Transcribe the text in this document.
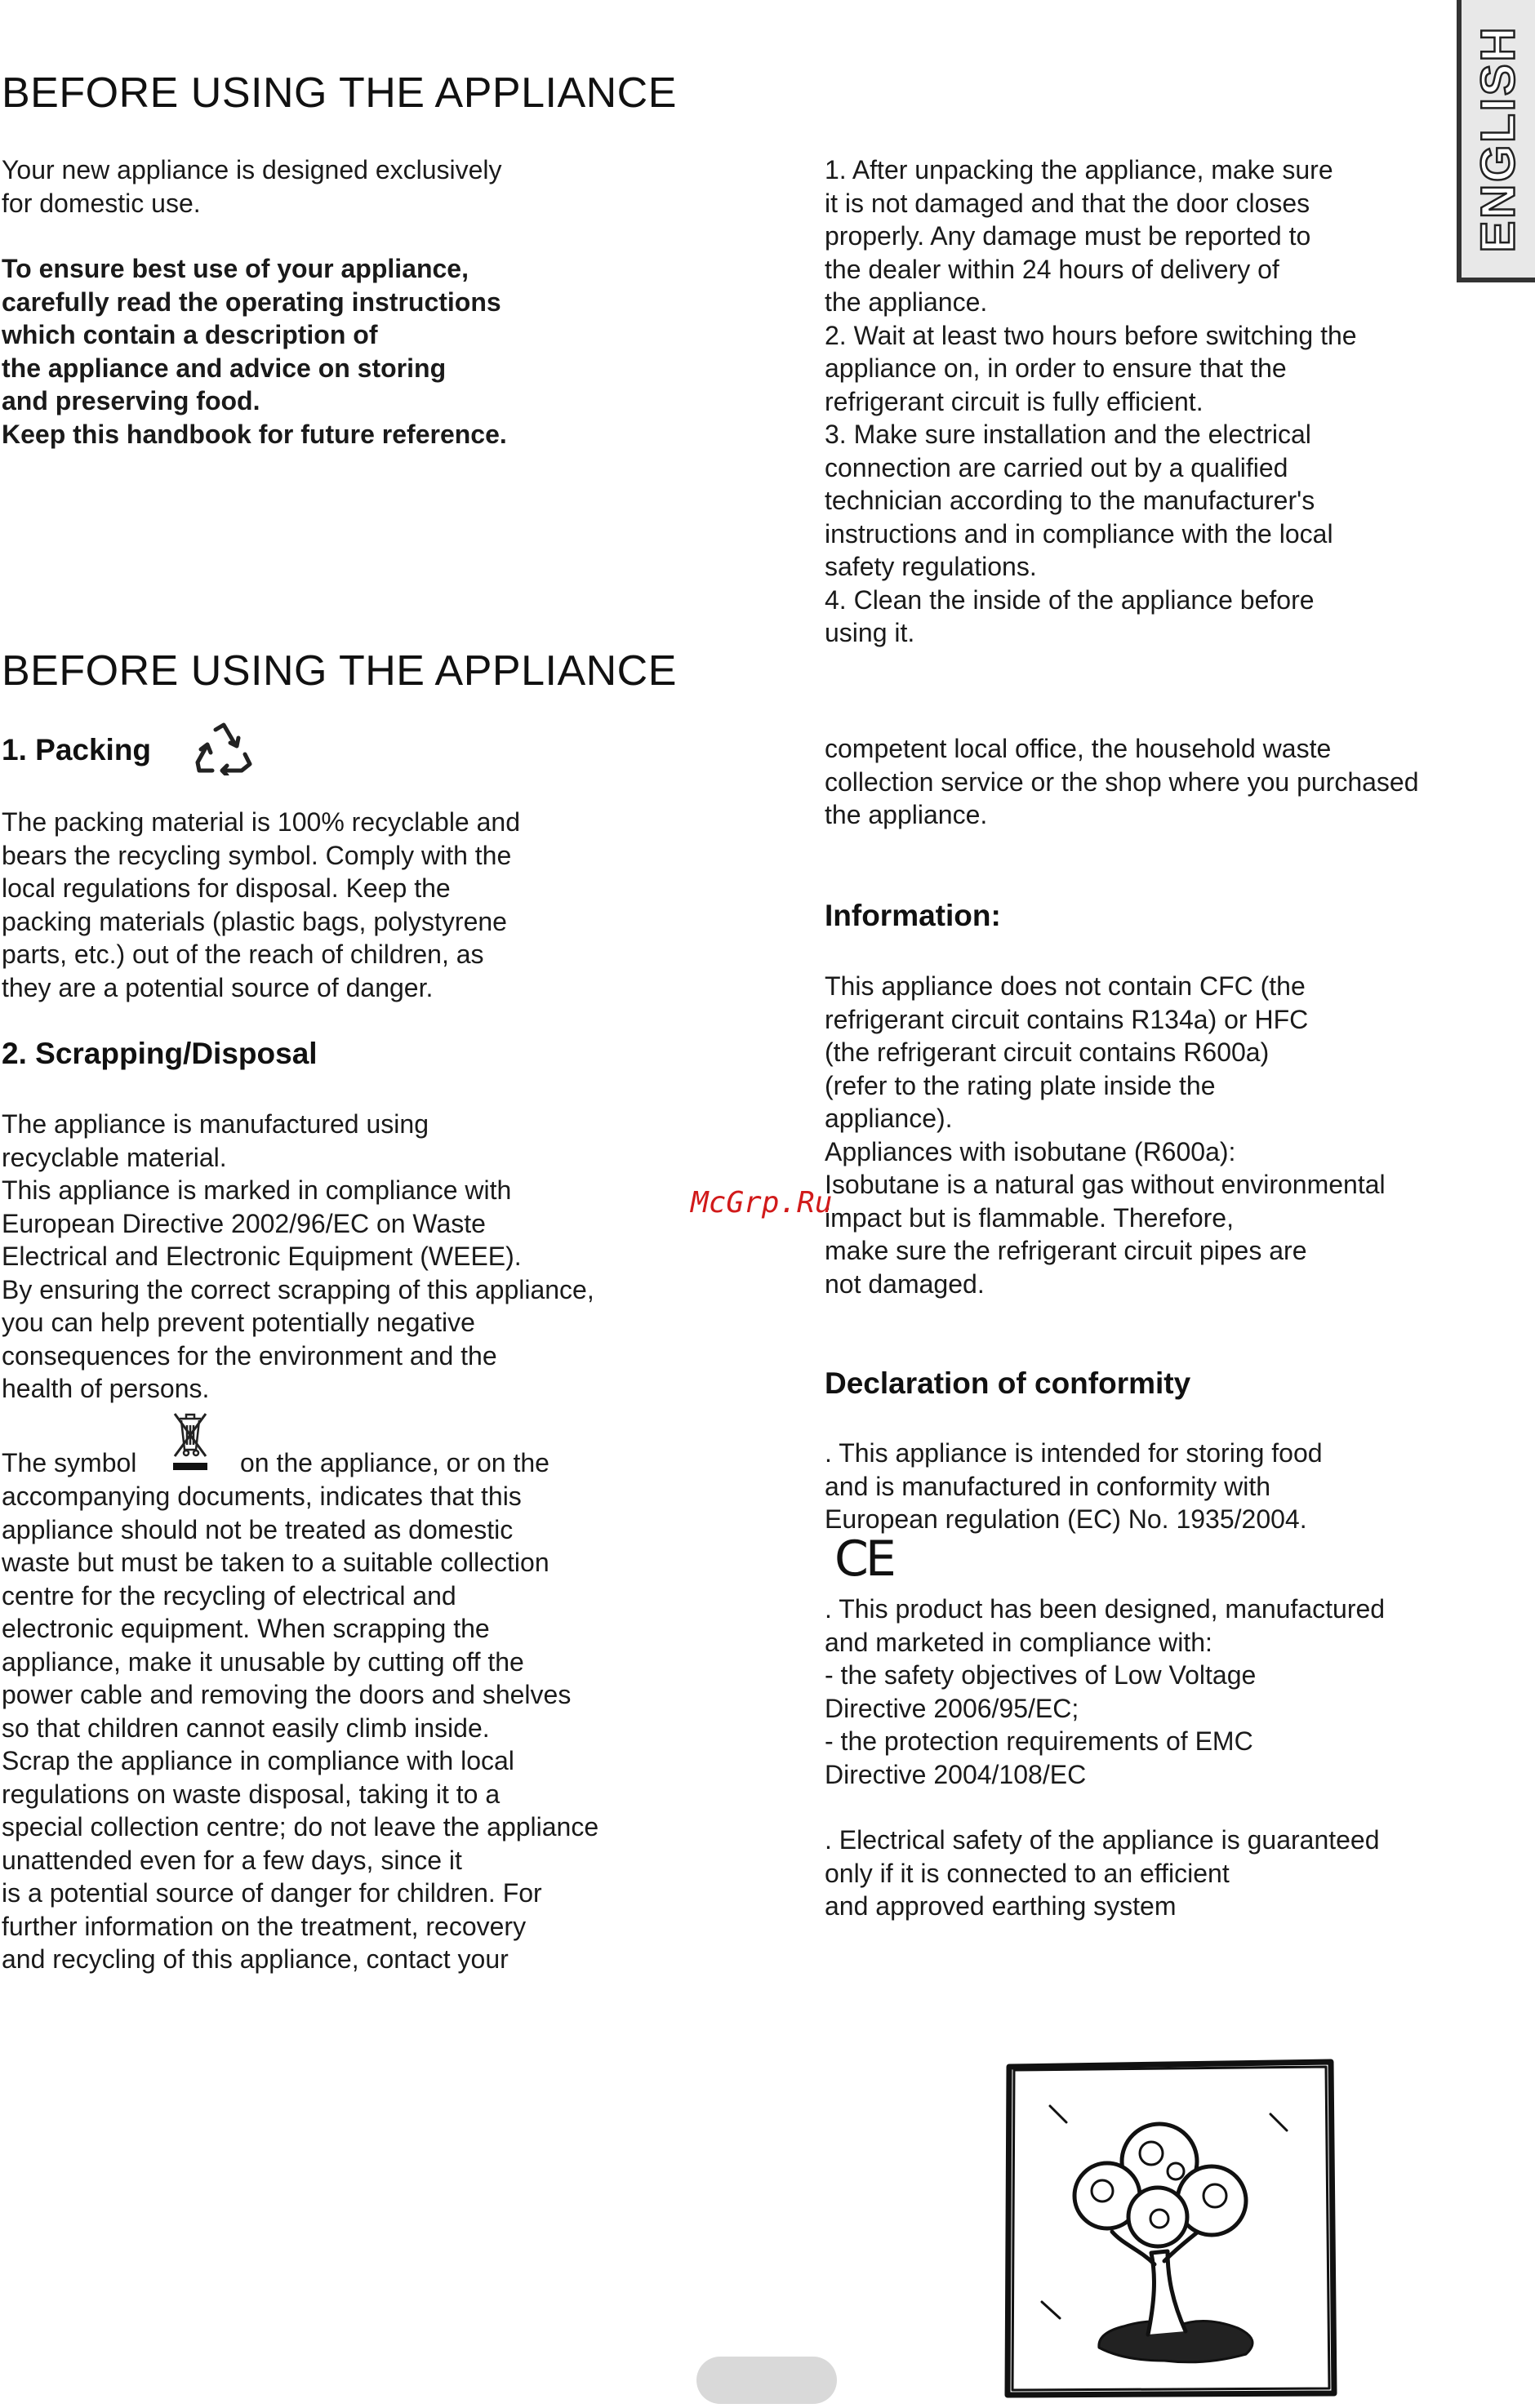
ENGLISH
BEFORE USING THE APPLIANCE
Your new appliance is designed exclusively
for domestic use.
To ensure best use of your appliance,
carefully read the operating instructions
which contain a description of
the appliance and advice on storing
and preserving food.
Keep this handbook for future reference.
1. After unpacking the appliance, make sure
it is not damaged and that the door closes
properly. Any damage must be reported to
the dealer within 24 hours of delivery of
the appliance.
2. Wait at least two hours before switching the
appliance on, in order to ensure that the
refrigerant circuit is fully efficient.
3. Make sure installation and the electrical
connection are carried out by a qualified
technician according to the manufacturer's
instructions and in compliance with the local
safety regulations.
4. Clean the inside of the appliance before
using it.
BEFORE USING THE APPLIANCE
1. Packing
The packing material is 100% recyclable and
bears the recycling symbol. Comply with the
local regulations for disposal. Keep the
packing materials (plastic bags, polystyrene
parts, etc.) out of the reach of children, as
they are a potential source of danger.
2. Scrapping/Disposal
The appliance is manufactured using
recyclable material.
This appliance is marked in compliance with
European Directive 2002/96/EC on Waste
Electrical and Electronic Equipment (WEEE).
By ensuring the correct scrapping of this appliance,
you can help prevent potentially negative
consequences for the environment and the
health of persons.
The symbol	on the appliance, or on the
accompanying documents, indicates that this
appliance should not be treated as domestic
waste but must be taken to a suitable collection
centre for the recycling of electrical and
electronic equipment. When scrapping the
appliance, make it unusable by cutting off the
power cable and removing the doors and shelves
so that children cannot easily climb inside.
Scrap the appliance in compliance with local
regulations on waste disposal, taking it to a
special collection centre; do not leave the appliance
unattended even for a few days, since it
is a potential source of danger for children. For
further information on the treatment, recovery
and recycling of this appliance, contact your
competent local office, the household waste
collection service or the shop where you purchased
the appliance.
Information:
This appliance does not contain CFC (the
refrigerant circuit contains R134a) or HFC
(the refrigerant circuit contains R600a)
(refer to the rating plate inside the
appliance).
Appliances with isobutane (R600a):
Isobutane is a natural gas without environmental
impact but is flammable. Therefore,
make sure the refrigerant circuit pipes are
not damaged.
Declaration of conformity
. This appliance is intended for storing food
and is manufactured in conformity with
European regulation (EC) No. 1935/2004.
CE
. This product has been designed, manufactured
and marketed in compliance with:
- the safety objectives of Low Voltage
Directive 2006/95/EC;
- the protection requirements of EMC
Directive 2004/108/EC
. Electrical safety of the appliance is guaranteed
only if it is connected to an efficient
and approved earthing system
McGrp.Ru
